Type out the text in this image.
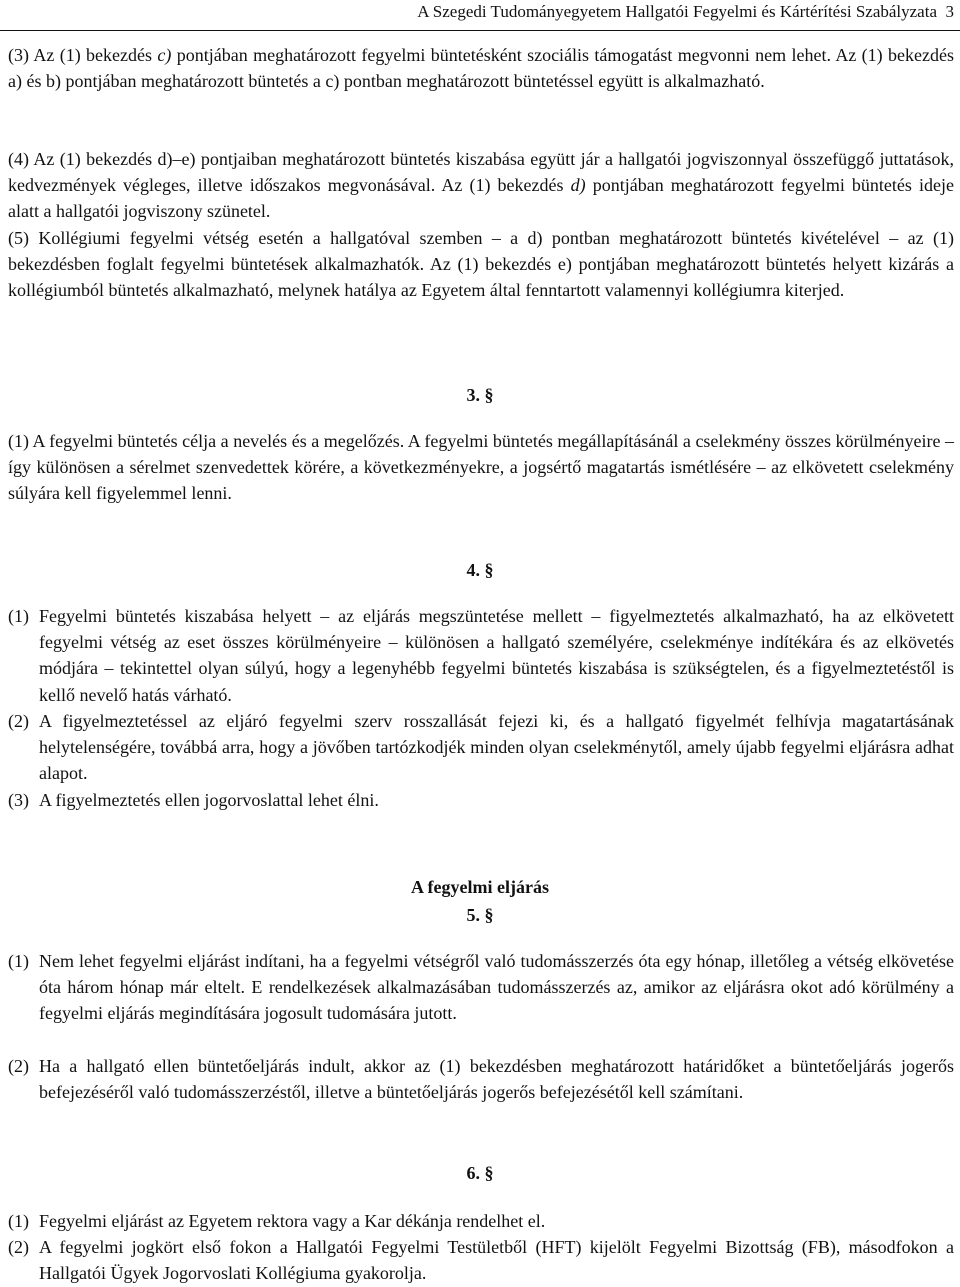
A Szegedi Tudományegyetem Hallgatói Fegyelmi és Kártérítési Szabályzata 3

(3) Az (1) bekezdés c) pontjában meghatározott fegyelmi büntetésként szociális támogatást megvonni nem lehet. Az (1) bekezdés a) és b) pontjában meghatározott büntetés a c) pontban meghatározott büntetéssel együtt is alkalmazható.

(4) Az (1) bekezdés d)–e) pontjaiban meghatározott büntetés kiszabása együtt jár a hallgatói jogviszonnyal összefüggő juttatások, kedvezmények végleges, illetve időszakos megvonásával. Az (1) bekezdés d) pontjában meghatározott fegyelmi büntetés ideje alatt a hallgatói jogviszony szünetel.

(5) Kollégiumi fegyelmi vétség esetén a hallgatóval szemben – a d) pontban meghatározott büntetés kivételével – az (1) bekezdésben foglalt fegyelmi büntetések alkalmazhatók. Az (1) bekezdés e) pontjában meghatározott büntetés helyett kizárás a kollégiumból büntetés alkalmazható, melynek hatálya az Egyetem által fenntartott valamennyi kollégiumra kiterjed.

3. §

(1) A fegyelmi büntetés célja a nevelés és a megelőzés. A fegyelmi büntetés megállapításánál a cselekmény összes körülményeire – így különösen a sérelmet szenvedettek körére, a következményekre, a jogsértő magatartás ismétlésére – az elkövetett cselekmény súlyára kell figyelemmel lenni.

4. §
(1) Fegyelmi büntetés kiszabása helyett – az eljárás megszüntetése mellett – figyelmeztetés alkalmazható, ha az elkövetett fegyelmi vétség az eset összes körülményeire – különösen a hallgató személyére, cselekménye indítékára és az elkövetés módjára – tekintettel olyan súlyú, hogy a legenyhébb fegyelmi büntetés kiszabása is szükségtelen, és a figyelmeztetéstől is kellő nevelő hatás várható.
(2) A figyelmeztetéssel az eljáró fegyelmi szerv rosszallását fejezi ki, és a hallgató figyelmét felhívja magatartásának helytelenségére, továbbá arra, hogy a jövőben tartózkodjék minden olyan cselekménytől, amely újabb fegyelmi eljárásra adhat alapot.
(3) A figyelmeztetés ellen jogorvoslattal lehet élni.
A fegyelmi eljárás
5. §
(1) Nem lehet fegyelmi eljárást indítani, ha a fegyelmi vétségről való tudomásszerzés óta egy hónap, illetőleg a vétség elkövetése óta három hónap már eltelt. E rendelkezések alkalmazásában tudomásszerzés az, amikor az eljárásra okot adó körülmény a fegyelmi eljárás megindítására jogosult tudomására jutott.
(2) Ha a hallgató ellen büntetőeljárás indult, akkor az (1) bekezdésben meghatározott határidőket a büntetőeljárás jogerős befejezéséről való tudomásszerzéstől, illetve a büntetőeljárás jogerős befejezésétől kell számítani.
6. §
(1) Fegyelmi eljárást az Egyetem rektora vagy a Kar dékánja rendelhet el.
(2) A fegyelmi jogkört első fokon a Hallgatói Fegyelmi Testületből (HFT) kijelölt Fegyelmi Bizottság (FB), másodfokon a Hallgatói Ügyek Jogorvoslati Kollégiuma gyakorolja.
